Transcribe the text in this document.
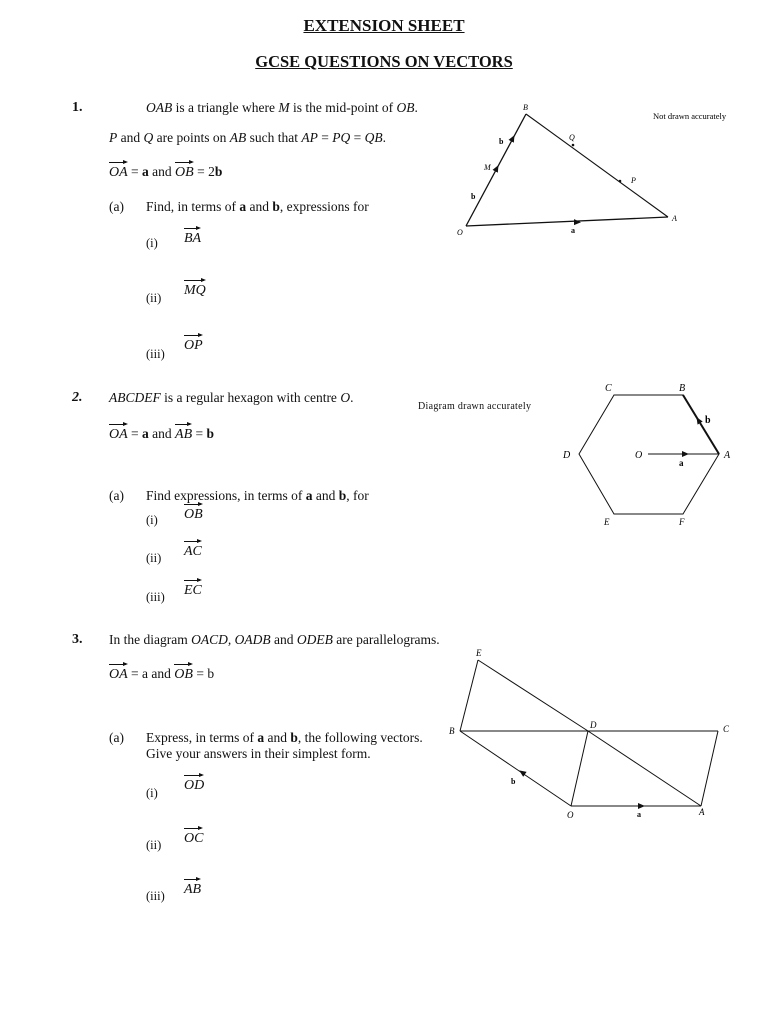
EXTENSION SHEET
GCSE QUESTIONS ON VECTORS
1.	OAB is a triangle where M is the mid-point of OB.
P and Q are points on AB such that AP = PQ = QB.
OA = a and
OB = 2b
(a) Find, in terms of a and b, expressions for
(i) BA
(ii) MQ
(iii)
OP
Not drawn accurately
B
O
A
M
Q
P
b
b
a
2. ABCDEF is a regular hexagon with centre O.
OA = a and
AB = b
(a) Find expressions, in terms of a and b, for
(i) OB
(ii) AC
(iii) EC
Diagram drawn accurately
B
C
D	A
O
E	F
b
a
3. In the diagram OACD, OADB and ODEB are parallelograms.
OA = a and
OB = b
(a) Express, in terms of a and b, the following vectors.
Give your answers in their simplest form.
(i) OD
(ii) OC
(iii) AB
E
B
D	C
O	A
b
a
